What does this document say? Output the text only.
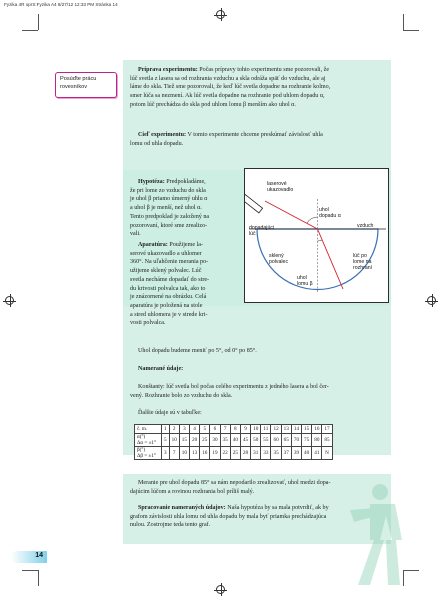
Fyzika 4R oprS:Fyzika A4 8/27/12 12:33 PM Stránka 14
Posúďte prácu
rovesníkov
Príprava experimentu: Počas prípravy tohto experimentu sme pozorovali, že
lúč svetla z lasera sa od rozhrania vzduchu a skla odráža späť do vzduchu, ale aj
láme do skla. Tiež sme pozorovali, že keď lúč svetla dopadne na rozhranie kolmo,
smer lúča sa nezmení. Ak lúč svetla dopadne na rozhranie pod uhlom dopadu α,
potom lúč prechádza do skla pod uhlom lomu β menším ako uhol α.
Cieľ experimentu: V tomto experimente chceme preskúmať závislosť uhla
lomu od uhla dopadu.
Hypotéza: Predpokladáme,
že pri lome zo vzduchu do skla
je uhol β priamo úmerný uhlu α
a uhol β je menší, než uhol α.
Tento predpoklad je založený na
pozorovaní, ktoré sme zrealizo-
vali.
Aparatúra: Použijeme la-
serové ukazovadlo a uhlomer
360°. Na uľahčenie merania po-
užijeme sklený polvalec. Lúč
svetla necháme dopadať do stre-
du krivosti polvalca tak, ako to
je znázornené na obrázku. Celá
aparatúra je položená na stole
a stred uhlomera je v strede kri-
vosti polvalca.
laserové
ukazovadlo
uhol
dopadu α
vzduch
dopadajúci
lúč
sklený
polvalec
lúč po
lome na
rozhraní
uhol
lomu β
Uhol dopadu budeme meniť po 5°, od 0° po 85°.
Namerané údaje:
Konštanty: lúč svetla bol počas celého experimentu z jedného lasera a bol čer-
vený. Rozhranie bolo zo vzduchu do skla.
Ďalšie údaje sú v tabuľke:
č. m.	1	2	3	4	5	6	7	8	9	10	11	12	13	14	15	16	17

α(°)
Δα = ±1°	5	10	15	20	25	30	35	40	45	50	55	60	65	70	75	80	85

β(°)
Δβ = ±1°	3	7	10	13	16	19	22	25	28	31	33	35	37	39	40	41	N
Meranie pre uhol dopadu 85° sa nám nepodarilo zrealizovať, uhol medzi dopa-
dajúcim lúčom a rovinou rozhrania bol príliš malý.
Spracovanie nameraných údajov: Naša hypotéza by sa mala potvrdiť, ak by
grafom závislosti uhla lomu od uhla dopadu by mala byť priamka prechádzajúca
nulou. Zostrojme teda tento graf.
14
